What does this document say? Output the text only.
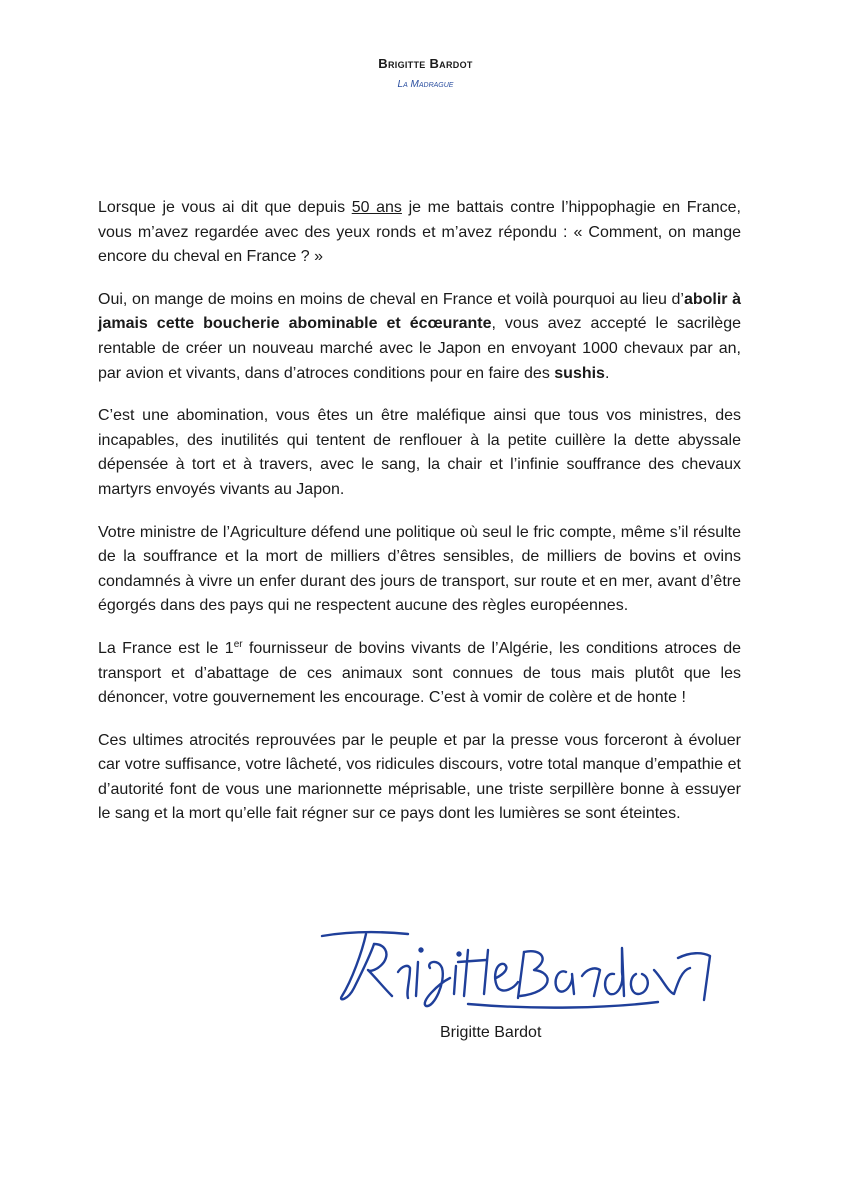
Brigitte Bardot
La Madrague

Lorsque je vous ai dit que depuis 50 ans je me battais contre l’hippophagie en France, vous m’avez regardée avec des yeux ronds et m’avez répondu : « Comment, on mange encore du cheval en France ? »

Oui, on mange de moins en moins de cheval en France et voilà pourquoi au lieu d’abolir à jamais cette boucherie abominable et écœurante, vous avez accepté le sacrilège rentable de créer un nouveau marché avec le Japon en envoyant 1000 chevaux par an, par avion et vivants, dans d’atroces conditions pour en faire des sushis.

C’est une abomination, vous êtes un être maléfique ainsi que tous vos ministres, des incapables, des inutilités qui tentent de renflouer à la petite cuillère la dette abyssale dépensée à tort et à travers, avec le sang, la chair et l’infinie souffrance des chevaux martyrs envoyés vivants au Japon.

Votre ministre de l’Agriculture défend une politique où seul le fric compte, même s’il résulte de la souffrance et la mort de milliers d’êtres sensibles, de milliers de bovins et ovins condamnés à vivre un enfer durant des jours de transport, sur route et en mer, avant d’être égorgés dans des pays qui ne respectent aucune des règles européennes.

La France est le 1er fournisseur de bovins vivants de l’Algérie, les conditions atroces de transport et d’abattage de ces animaux sont connues de tous mais plutôt que les dénoncer, votre gouvernement les encourage. C’est à vomir de colère et de honte !

Ces ultimes atrocités reprouvées par le peuple et par la presse vous forceront à évoluer car votre suffisance, votre lâcheté, vos ridicules discours, votre total manque d’empathie et d’autorité font de vous une marionnette méprisable, une triste serpillère bonne à essuyer le sang et la mort qu’elle fait régner sur ce pays dont les lumières se sont éteintes.

Brigitte Bardot
